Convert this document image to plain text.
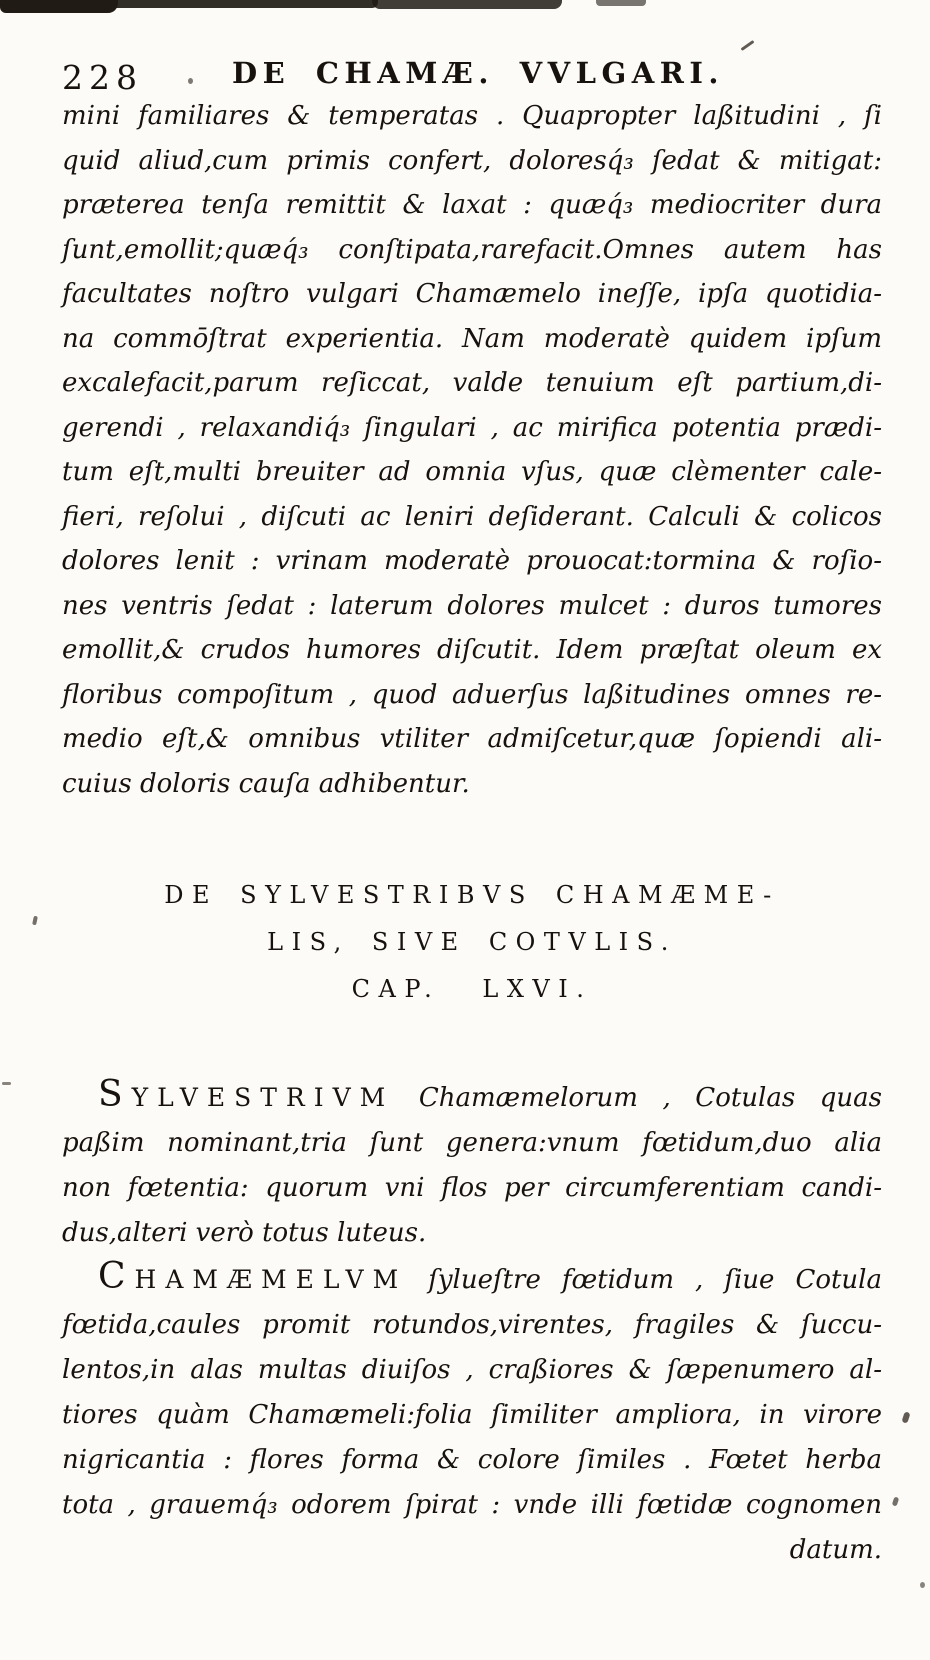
228	DE CHAMÆ. VVLGARI.
mini familiares & temperatas . Quapropter laßitudini , ſi
quid aliud,cum primis confert, doloresq́₃ ſedat & mitigat:
præterea tenſa remittit & laxat : quæq́₃ mediocriter dura
ſunt,emollit;quæq́₃ conſtipata,rarefacit.Omnes autem has
facultates noſtro vulgari Chamæmelo ineſſe, ipſa quotidia-
na commōſtrat experientia. Nam moderatè quidem ipſum
excalefacit,parum reſiccat, valde tenuium eſt partium,di-
gerendi , relaxandiq́₃ ſingulari , ac mirifica potentia prædi-
tum eſt,multi breuiter ad omnia vſus, quæ clèmenter cale-
fieri, reſolui , diſcuti ac leniri deſiderant. Calculi & colicos
dolores lenit : vrinam moderatè prouocat:tormina & roſio-
nes ventris ſedat : laterum dolores mulcet : duros tumores
emollit,& crudos humores diſcutit. Idem præſtat oleum ex
floribus compoſitum , quod aduerſus laßitudines omnes re-
medio eſt,& omnibus vtiliter admiſcetur,quæ ſopiendi ali-
cuius doloris cauſa adhibentur.
DE SYLVESTRIBVS CHAMÆME-
LIS, SIVE COTVLIS.
CAP. LXVI.
SYLVESTRIVM Chamæmelorum , Cotulas quas
paßim nominant,tria ſunt genera:vnum fœtidum,duo alia
non fœtentia: quorum vni flos per circumferentiam candi-
dus,alteri verò totus luteus.
CHAMÆMELVM ſylueſtre fœtidum , ſiue Cotula
fœtida,caules promit rotundos,virentes, fragiles & ſuccu-
lentos,in alas multas diuiſos , craßiores & ſæpenumero al-
tiores quàm Chamæmeli:folia ſimiliter ampliora, in virore
nigricantia : flores forma & colore ſimiles . Fœtet herba
tota , grauemq́₃ odorem ſpirat : vnde illi fœtidæ cognomen
datum.
